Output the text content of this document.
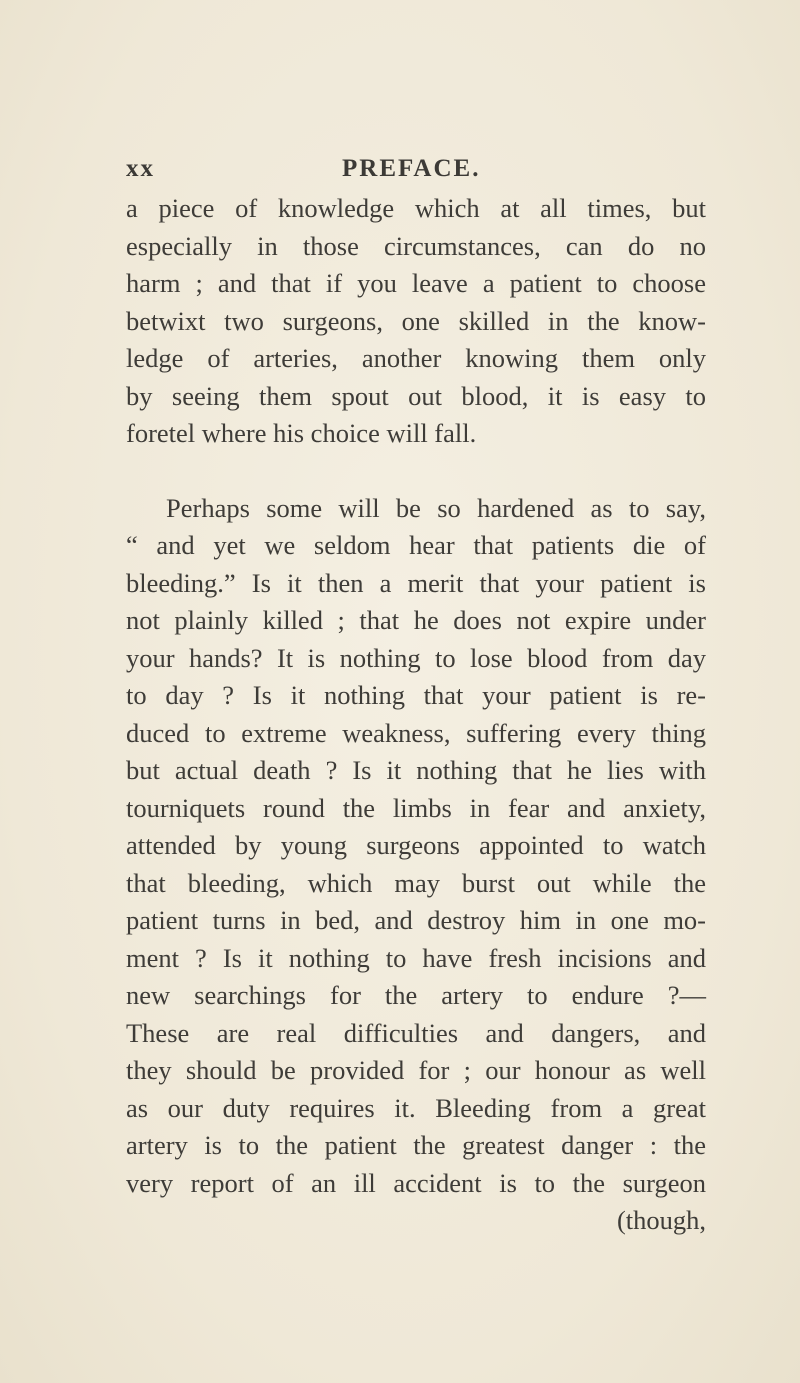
xx	PREFACE.
a piece of knowledge which at all times, but
especially in those circumstances, can do no
harm ; and that if you leave a patient to choose
betwixt two surgeons, one skilled in the know-
ledge of arteries, another knowing them only
by seeing them spout out blood, it is easy to
foretel where his choice will fall.
Perhaps some will be so hardened as to say,
“ and yet we seldom hear that patients die of
bleeding.” Is it then a merit that your patient is
not plainly killed ; that he does not expire under
your hands? It is nothing to lose blood from day
to day ? Is it nothing that your patient is re-
duced to extreme weakness, suffering every thing
but actual death ? Is it nothing that he lies with
tourniquets round the limbs in fear and anxiety,
attended by young surgeons appointed to watch
that bleeding, which may burst out while the
patient turns in bed, and destroy him in one mo-
ment ? Is it nothing to have fresh incisions and
new searchings for the artery to endure ?—
These are real difficulties and dangers, and
they should be provided for ; our honour as well
as our duty requires it. Bleeding from a great
artery is to the patient the greatest danger : the
very report of an ill accident is to the surgeon
(though,
